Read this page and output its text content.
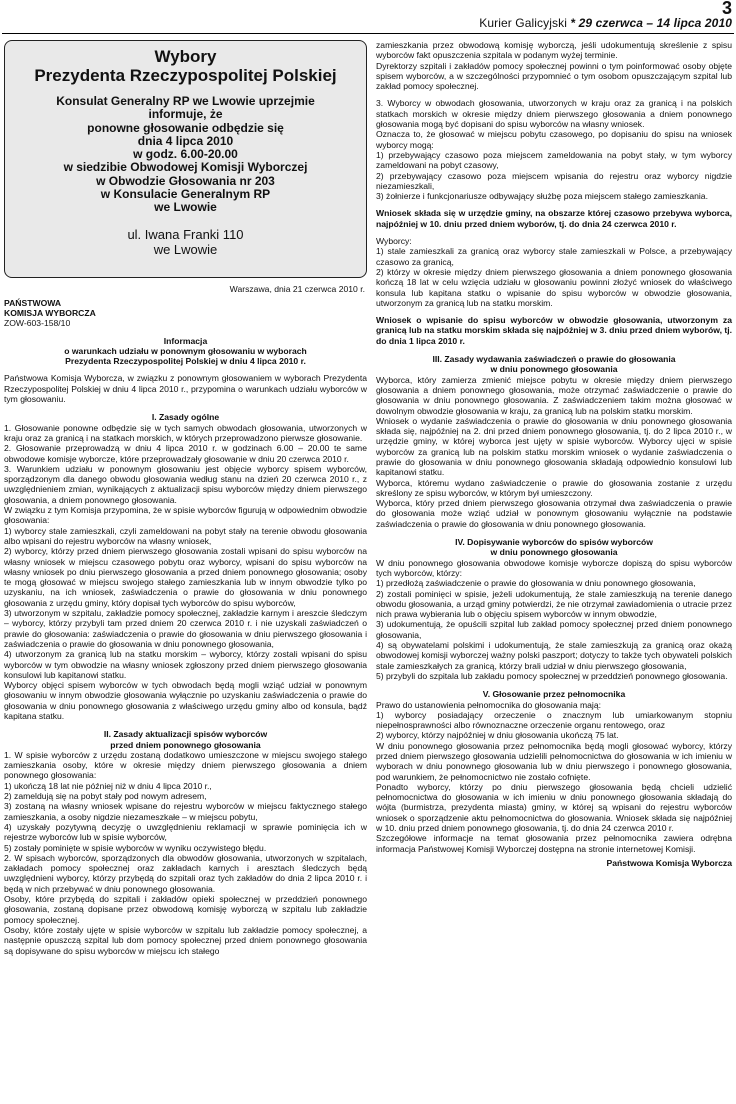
3
Kurier Galicyjski * 29 czerwca – 14 lipca 2010
Wybory
Prezydenta Rzeczypospolitej Polskiej
Konsulat Generalny RP we Lwowie uprzejmie
informuje, że
ponowne głosowanie odbędzie się
dnia 4 lipca 2010
w godz. 6.00-20.00
w siedzibie Obwodowej Komisji Wyborczej
w Obwodzie Głosowania nr 203
w Konsulacie Generalnym RP
we Lwowie
ul. Iwana Franki 110
we Lwowie
Warszawa, dnia 21 czerwca 2010 r.
PAŃSTWOWA
KOMISJA WYBORCZA
ZOW-603-158/10
Informacja
o warunkach udziału w ponownym głosowaniu w wyborach
Prezydenta Rzeczypospolitej Polskiej w dniu 4 lipca 2010 r.

Państwowa Komisja Wyborcza, w związku z ponownym głosowaniem w wyborach Prezydenta Rzeczypospolitej Polskiej w dniu 4 lipca 2010 r., przypomina o warunkach udziału wyborców w tym głosowaniu.

I. Zasady ogólne

1. Głosowanie ponowne odbędzie się w tych samych obwodach głosowania, utworzonych w kraju oraz za granicą i na statkach morskich, w których przeprowadzono pierwsze głosowanie.

2. Głosowanie przeprowadzą w dniu 4 lipca 2010 r. w godzinach 6.00 – 20.00 te same obwodowe komisje wyborcze, które przeprowadzały głosowanie w dniu 20 czerwca 2010 r.

3. Warunkiem udziału w ponownym głosowaniu jest objęcie wyborcy spisem wyborców, sporządzonym dla danego obwodu głosowania według stanu na dzień 20 czerwca 2010 r., z uwzględnieniem zmian, wynikających z aktualizacji spisu wyborców między dniem pierwszego głosowania, a dniem ponownego głosowania.

W związku z tym Komisja przypomina, że w spisie wyborców figurują w odpowiednim obwodzie głosowania:

1) wyborcy stale zamieszkali, czyli zameldowani na pobyt stały na terenie obwodu głosowania albo wpisani do rejestru wyborców na własny wniosek,

2) wyborcy, którzy przed dniem pierwszego głosowania zostali wpisani do spisu wyborców na własny wniosek w miejscu czasowego pobytu oraz wyborcy, wpisani do spisu wyborców na własny wniosek po dniu pierwszego głosowania a przed dniem ponownego głosowania; osoby te mogą głosować w miejscu swojego stałego zamieszkania lub w innym obwodzie tylko po uzyskaniu, na ich wniosek, zaświadczenia o prawie do głosowania w dniu ponownego głosowania z urzędu gminy, który dopisał tych wyborców do spisu wyborców,

3) utworzonym w szpitalu, zakładzie pomocy społecznej, zakładzie karnym i areszcie śledczym – wyborcy, którzy przybyli tam przed dniem 20 czerwca 2010 r. i nie uzyskali zaświadczeń o prawie do głosowania: zaświadczenia o prawie do głosowania w dniu pierwszego głosowania i zaświadczenia o prawie do głosowania w dniu ponownego głosowania,

4) utworzonym za granicą lub na statku morskim – wyborcy, którzy zostali wpisani do spisu wyborców w tym obwodzie na własny wniosek zgłoszony przed dniem pierwszego głosowania konsulowi lub kapitanowi statku.

Wyborcy objęci spisem wyborców w tych obwodach będą mogli wziąć udział w ponownym głosowaniu w innym obwodzie głosowania wyłącznie po uzyskaniu zaświadczenia o prawie do głosowania w dniu ponownego głosowania z właściwego urzędu gminy albo od konsula, bądź kapitana statku.

II. Zasady aktualizacji spisów wyborców
przed dniem ponownego głosowania

1. W spisie wyborców z urzędu zostaną dodatkowo umieszczone w miejscu swojego stałego zamieszkania osoby, które w okresie między dniem pierwszego głosowania a dniem ponownego głosowania:

1) ukończą 18 lat nie później niż w dniu 4 lipca 2010 r.,

2) zameldują się na pobyt stały pod nowym adresem,

3) zostaną na własny wniosek wpisane do rejestru wyborców w miejscu faktycznego stałego zamieszkania, a osoby nigdzie niezameszkałe – w miejscu pobytu,

4) uzyskały pozytywną decyzję o uwzględnieniu reklamacji w sprawie pominięcia ich w rejestrze wyborców lub w spisie wyborców,

5) zostały pominięte w spisie wyborców w wyniku oczywistego błędu.

2. W spisach wyborców, sporządzonych dla obwodów głosowania, utworzonych w szpitalach, zakładach pomocy społecznej oraz zakładach karnych i aresztach śledczych będą uwzględnieni wyborcy, którzy przybędą do szpitali oraz tych zakładów do dnia 2 lipca 2010 r. i będą w nich przebywać w dniu ponownego głosowania.

Osoby, które przybędą do szpitali i zakładów opieki społecznej w przeddzień ponownego głosowania, zostaną dopisane przez obwodową komisję wyborczą w szpitalu lub zakładzie pomocy społecznej.

Osoby, które zostały ujęte w spisie wyborców w szpitalu lub zakładzie pomocy społecznej, a następnie opuszczą szpital lub dom pomocy społecznej przed dniem ponownego głosowania są dopisywane do spisu wyborców w miejscu ich stałego

zamieszkania przez obwodową komisję wyborczą, jeśli udokumentują skreślenie z spisu wyborców fakt opuszczenia szpitala w podanym wyżej terminie.

Dyrektorzy szpitali i zakładów pomocy społecznej powinni o tym poinformować osoby objęte spisem wyborców, a w szczególności przypomnieć o tym osobom opuszczającym szpital lub zakład pomocy społecznej.

3. Wyborcy w obwodach głosowania, utworzonych w kraju oraz za granicą i na polskich statkach morskich w okresie między dniem pierwszego głosowania a dniem ponownego głosowania mogą być dopisani do spisu wyborców na własny wniosek.

Oznacza to, że głosować w miejscu pobytu czasowego, po dopisaniu do spisu na wniosek wyborcy mogą:

1) przebywający czasowo poza miejscem zameldowania na pobyt stały, w tym wyborcy zameldowani na pobyt czasowy,

2) przebywający czasowo poza miejscem wpisania do rejestru oraz wyborcy nigdzie niezamieszkali,

3) żołnierze i funkcjonariusze odbywający służbę poza miejscem stałego zamieszkania.

Wniosek składa się w urzędzie gminy, na obszarze której czasowo przebywa wyborca, najpóźniej w 10. dniu przed dniem wyborów, tj. do dnia 24 czerwca 2010 r.

Wyborcy:

1) stale zamieszkali za granicą oraz wyborcy stale zamieszkali w Polsce, a przebywający czasowo za granicą,

2) którzy w okresie między dniem pierwszego głosowania a dniem ponownego głosowania kończą 18 lat w celu wzięcia udziału w głosowaniu powinni złożyć wniosek do właściwego konsula lub kapitana statku o wpisanie do spisu wyborców w obwodzie głosowania, utworzonym za granicą lub na statku morskim.

Wniosek o wpisanie do spisu wyborców w obwodzie głosowania, utworzonym za granicą lub na statku morskim składa się najpóźniej w 3. dniu przed dniem wyborów, tj. do dnia 1 lipca 2010 r.

III. Zasady wydawania zaświadczeń o prawie do głosowania
w dniu ponownego głosowania

Wyborca, który zamierza zmienić miejsce pobytu w okresie między dniem pierwszego głosowania a dniem ponownego głosowania, może otrzymać zaświadczenie o prawie do głosowania w dniu ponownego głosowania. Z zaświadczeniem takim można głosować w dowolnym obwodzie głosowania w kraju, za granicą lub na polskim statku morskim.

Wniosek o wydanie zaświadczenia o prawie do głosowania w dniu ponownego głosowania składa się, najpóźniej na 2. dni przed dniem ponownego głosowania, tj. do 2 lipca 2010 r., w urzędzie gminy, w której wyborca jest ujęty w spisie wyborców. Wyborcy ujęci w spisie wyborców za granicą lub na polskim statku morskim wniosek o wydanie zaświadczenia o prawie do głosowania w dniu ponownego głosowania składają odpowiednio konsulowi lub kapitanowi statku.

Wyborca, któremu wydano zaświadczenie o prawie do głosowania zostanie z urzędu skreślony ze spisu wyborców, w którym był umieszczony.

Wyborca, który przed dniem pierwszego głosowania otrzymał dwa zaświadczenia o prawie do głosowania może wziąć udział w ponownym głosowaniu wyłącznie na podstawie zaświadczenia o prawie do głosowania w dniu ponownego głosowania.

IV. Dopisywanie wyborców do spisów wyborców
w dniu ponownego głosowania

W dniu ponownego głosowania obwodowe komisje wyborcze dopiszą do spisu wyborców tych wyborców, którzy:

1) przedłożą zaświadczenie o prawie do głosowania w dniu ponownego głosowania,

2) zostali pominięci w spisie, jeżeli udokumentują, że stale zamieszkują na terenie danego obwodu głosowania, a urząd gminy potwierdzi, że nie otrzymał zawiadomienia o utracie przez nich prawa wybierania lub o objęciu spisem wyborców w innym obwodzie,

3) udokumentują, że opuścili szpital lub zakład pomocy społecznej przed dniem ponownego głosowania,

4) są obywatelami polskimi i udokumentują, że stale zamieszkują za granicą oraz okażą obwodowej komisji wyborczej ważny polski paszport; dotyczy to także tych obywateli polskich stale zamieszkałych za granicą, którzy brali udział w dniu pierwszego głosowania,

5) przybyli do szpitala lub zakładu pomocy społecznej w przeddzień ponownego głosowania.

V. Głosowanie przez pełnomocnika

Prawo do ustanowienia pełnomocnika do głosowania mają:

1) wyborcy posiadający orzeczenie o znacznym lub umiarkowanym stopniu niepełnosprawności albo równoznaczne orzeczenie organu rentowego, oraz

2) wyborcy, którzy najpóźniej w dniu głosowania ukończą 75 lat.

W dniu ponownego głosowania przez pełnomocnika będą mogli głosować wyborcy, którzy przed dniem pierwszego głosowania udzielili pełnomocnictwa do głosowania w ich imieniu w wyborach w dniu ponownego głosowania lub w dniu pierwszego i ponownego głosowania, pod warunkiem, że pełnomocnictwo nie zostało cofnięte.

Ponadto wyborcy, którzy po dniu pierwszego głosowania będą chcieli udzielić pełnomocnictwa do głosowania w ich imieniu w dniu ponownego głosowania składają do wójta (burmistrza, prezydenta miasta) gminy, w której są wpisani do rejestru wyborców wniosek o sporządzenie aktu pełnomocnictwa do głosowania. Wniosek składa się najpóźniej w 10. dniu przed dniem ponownego głosowania, tj. do dnia 24 czerwca 2010 r.

Szczegółowe informacje na temat głosowania przez pełnomocnika zawiera odrębna informacja Państwowej Komisji Wyborczej dostępna na stronie internetowej Komisji.

Państwowa Komisja Wyborcza
